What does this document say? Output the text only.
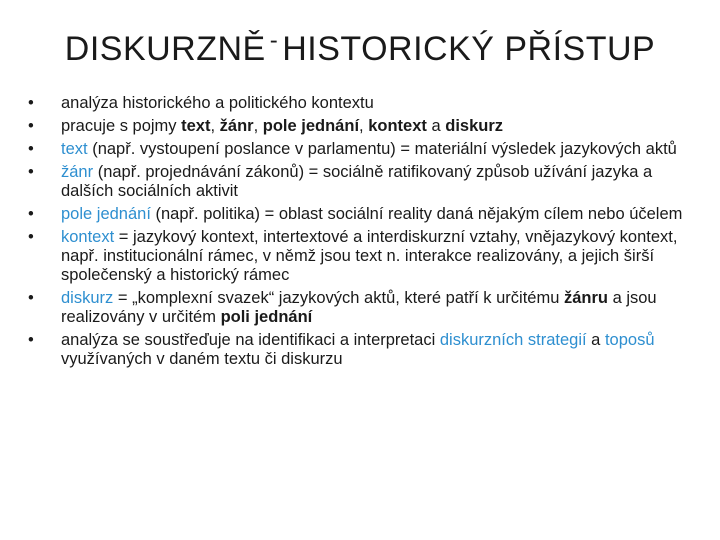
DISKURZNĚ - HISTORICKÝ PŘÍSTUP
• analýza historického a politického kontextu
• pracuje s pojmy text, žánr, pole jednání, kontext a diskurz
• text (např. vystoupení poslance v parlamentu) = materiální výsledek jazykových aktů
• žánr (např. projednávání zákonů) = sociálně ratifikovaný způsob užívání jazyka a dalších sociálních aktivit
• pole jednání (např. politika) = oblast sociální reality daná nějakým cílem nebo účelem
• kontext = jazykový kontext, intertextové a interdiskurzní vztahy, vnějazykový kontext, např. institucionální rámec, v němž jsou text n. interakce realizovány, a jejich širší společenský a historický rámec
• diskurz = „komplexní svazek“ jazykových aktů, které patří k určitému žánru a jsou realizovány v určitém poli jednání
• analýza se soustřeďuje na identifikaci a interpretaci diskurzních strategií a toposů využívaných v daném textu či diskurzu
